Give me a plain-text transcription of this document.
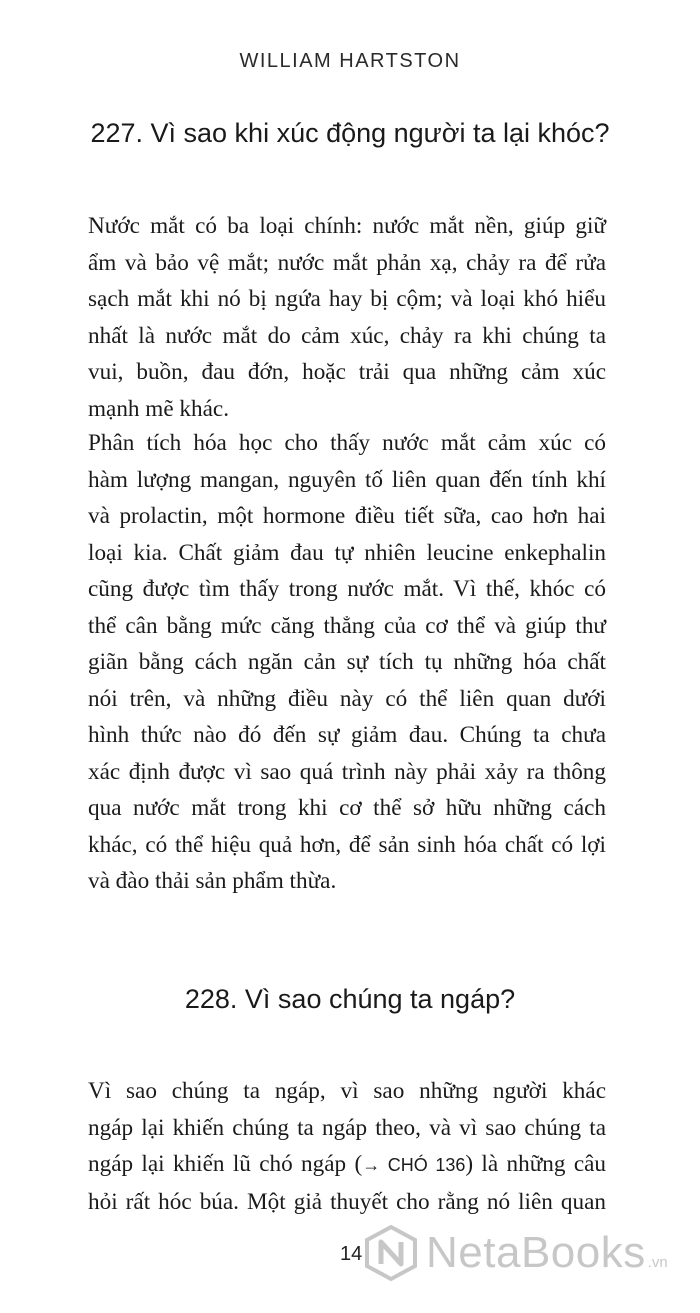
WILLIAM HARTSTON
227. Vì sao khi xúc động người ta lại khóc?
Nước mắt có ba loại chính: nước mắt nền, giúp giữ
ẩm và bảo vệ mắt; nước mắt phản xạ, chảy ra để rửa
sạch mắt khi nó bị ngứa hay bị cộm; và loại khó hiểu
nhất là nước mắt do cảm xúc, chảy ra khi chúng ta
vui, buồn, đau đớn, hoặc trải qua những cảm xúc
mạnh mẽ khác.
Phân tích hóa học cho thấy nước mắt cảm xúc có
hàm lượng mangan, nguyên tố liên quan đến tính khí
và prolactin, một hormone điều tiết sữa, cao hơn hai
loại kia. Chất giảm đau tự nhiên leucine enkephalin
cũng được tìm thấy trong nước mắt. Vì thế, khóc có
thể cân bằng mức căng thẳng của cơ thể và giúp thư
giãn bằng cách ngăn cản sự tích tụ những hóa chất
nói trên, và những điều này có thể liên quan dưới
hình thức nào đó đến sự giảm đau. Chúng ta chưa
xác định được vì sao quá trình này phải xảy ra thông
qua nước mắt trong khi cơ thể sở hữu những cách
khác, có thể hiệu quả hơn, để sản sinh hóa chất có lợi
và đào thải sản phẩm thừa.
228. Vì sao chúng ta ngáp?
Vì sao chúng ta ngáp, vì sao những người khác
ngáp lại khiến chúng ta ngáp theo, và vì sao chúng ta
ngáp lại khiến lũ chó ngáp (→ CHÓ 136) là những câu
hỏi rất hóc búa. Một giả thuyết cho rằng nó liên quan
14 NetaBooks .vn
